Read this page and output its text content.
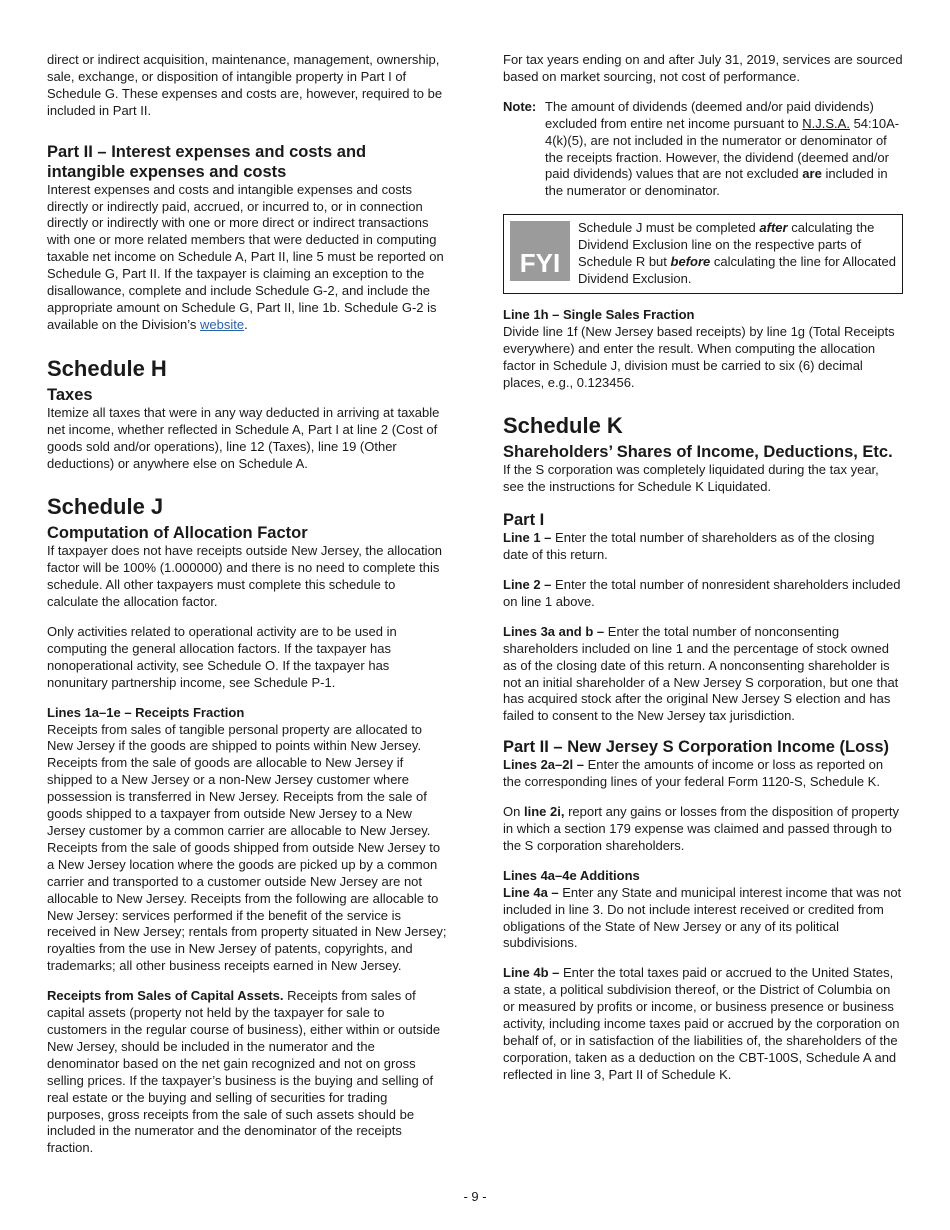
direct or indirect acquisition, maintenance, management, ownership, sale, exchange, or disposition of intangible property in Part I of Schedule G. These expenses and costs are, however, required to be included in Part II.

Part II – Interest expenses and costs and intangible expenses and costs

Interest expenses and costs and intangible expenses and costs directly or indirectly paid, accrued, or incurred to, or in connection directly or indirectly with one or more direct or indirect transactions with one or more related members that were deducted in computing taxable net income on Schedule A, Part II, line 5 must be reported on Schedule G, Part II. If the taxpayer is claiming an exception to the disallowance, complete and include Schedule G-2, and include the appropriate amount on Schedule G, Part II, line 1b. Schedule G-2 is available on the Division’s website.

Schedule H
Taxes

Itemize all taxes that were in any way deducted in arriving at taxable net income, whether reflected in Schedule A, Part I at line 2 (Cost of goods sold and/or operations), line 12 (Taxes), line 19 (Other deductions) or anywhere else on Schedule A.

Schedule J
Computation of Allocation Factor

If taxpayer does not have receipts outside New Jersey, the allocation factor will be 100% (1.000000) and there is no need to complete this schedule. All other taxpayers must complete this schedule to calculate the allocation factor.

Only activities related to operational activity are to be used in computing the general allocation factors. If the taxpayer has nonoperational activity, see Schedule O. If the taxpayer has nonunitary partnership income, see Schedule P-1.

Lines 1a–1e – Receipts Fraction

Receipts from sales of tangible personal property are allocated to New Jersey if the goods are shipped to points within New Jersey. Receipts from the sale of goods are allocable to New Jersey if shipped to a New Jersey or a non-New Jersey customer where possession is transferred in New Jersey. Receipts from the sale of goods shipped to a taxpayer from outside New Jersey to a New Jersey customer by a common carrier are allocable to New Jersey. Receipts from the sale of goods shipped from outside New Jersey to a New Jersey location where the goods are picked up by a common carrier and transported to a customer outside New Jersey are not allocable to New Jersey. Receipts from the following are allocable to New Jersey: services performed if the benefit of the service is received in New Jersey; rentals from property situated in New Jersey; royalties from the use in New Jersey of patents, copyrights, and trademarks; all other business receipts earned in New Jersey.

Receipts from Sales of Capital Assets. Receipts from sales of capital assets (property not held by the taxpayer for sale to customers in the regular course of business), either within or outside New Jersey, should be included in the numerator and the denominator based on the net gain recognized and not on gross selling prices. If the taxpayer’s business is the buying and selling of real estate or the buying and selling of securities for trading purposes, gross receipts from the sale of such assets should be included in the numerator and the denominator of the receipts fraction.

For tax years ending on and after July 31, 2019, services are sourced based on market sourcing, not cost of performance.

Note: The amount of dividends (deemed and/or paid dividends) excluded from entire net income pursuant to N.J.S.A. 54:10A-4(k)(5), are not included in the numerator or denominator of the receipts fraction. However, the dividend (deemed and/or paid dividends) values that are not excluded are included in the numerator or denominator.
FYI
Schedule J must be completed after calculating the Dividend Exclusion line on the respective parts of Schedule R but before calculating the line for Allocated Dividend Exclusion.
Line 1h – Single Sales Fraction

Divide line 1f (New Jersey based receipts) by line 1g (Total Receipts everywhere) and enter the result. When computing the allocation factor in Schedule J, division must be carried to six (6) decimal places, e.g., 0.123456.

Schedule K
Shareholders’ Shares of Income, Deductions, Etc.

If the S corporation was completely liquidated during the tax year, see the instructions for Schedule K Liquidated.

Part I

Line 1 – Enter the total number of shareholders as of the closing date of this return.

Line 2 – Enter the total number of nonresident shareholders included on line 1 above.

Lines 3a and b – Enter the total number of nonconsenting shareholders included on line 1 and the percentage of stock owned as of the closing date of this return. A nonconsenting shareholder is not an initial shareholder of a New Jersey S corporation, but one that has acquired stock after the original New Jersey S election and has failed to consent to the New Jersey tax jurisdiction.

Part II – New Jersey S Corporation Income (Loss)

Lines 2a–2l – Enter the amounts of income or loss as reported on the corresponding lines of your federal Form 1120-S, Schedule K.

On line 2i, report any gains or losses from the disposition of property in which a section 179 expense was claimed and passed through to the S corporation shareholders.

Lines 4a–4e Additions

Line 4a – Enter any State and municipal interest income that was not included in line 3. Do not include interest received or credited from obligations of the State of New Jersey or any of its political subdivisions.

Line 4b – Enter the total taxes paid or accrued to the United States, a state, a political subdivision thereof, or the District of Columbia on or measured by profits or income, or business presence or business activity, including income taxes paid or accrued by the corporation on behalf of, or in satisfaction of the liabilities of, the shareholders of the corporation, taken as a deduction on the CBT-100S, Schedule A and reflected in line 3, Part II of Schedule K.

- 9 -
